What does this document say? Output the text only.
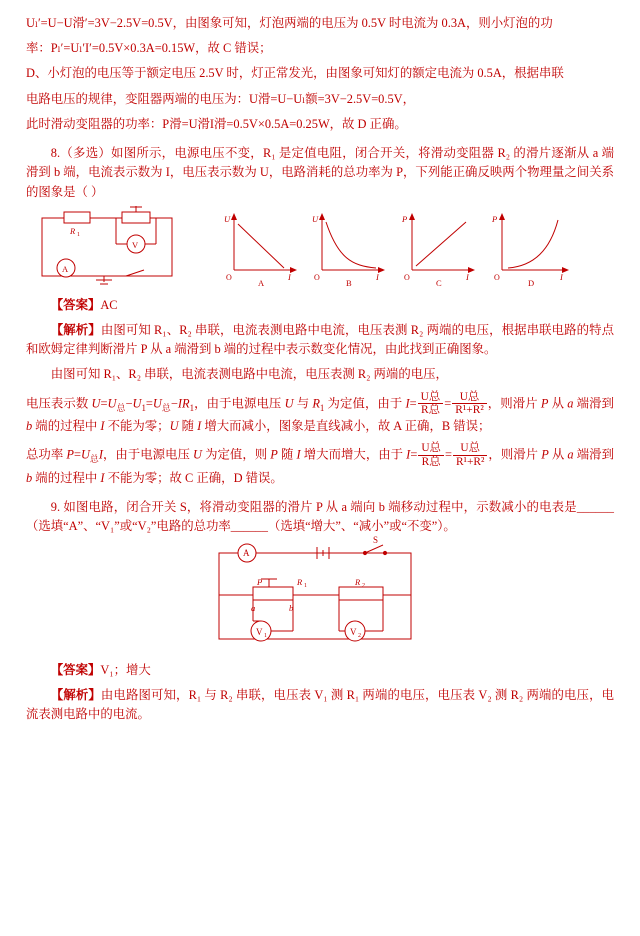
Uₗ′=U−U滑′=3V−2.5V=0.5V，由图象可知，灯泡两端的电压为 0.5V 时电流为 0.3A，则小灯泡的功

率：Pₗ′=Uₗ′I′=0.5V×0.3A=0.15W，故 C 错误；

D、小灯泡的电压等于额定电压 2.5V 时，灯正常发光，由图象可知灯的额定电流为 0.5A，根据串联

电路电压的规律，变阻器两端的电压为：U滑=U−Uₗ额=3V−2.5V=0.5V，

此时滑动变阻器的功率：P滑=U滑I滑=0.5V×0.5A=0.25W，故 D 正确。

8.（多选）如图所示，电源电压不变，R₁ 是定值电阻，闭合开关，将滑动变阻器 R₂ 的滑片逐渐从 a 端滑到 b 端，电流表示数为 I，电压表示数为 U，电路消耗的总功率为 P，下列能正确反映两个物理量之间关系的图象是（ ）

R 1
V
A
U
I
O
A
U
I
O
B
P
I
O
C
P
I
O
D

【答案】AC

【解析】由图可知 R₁、R₂ 串联，电流表测电路中电流，电压表测 R₂ 两端的电压，根据串联电路的特点和欧姆定律判断滑片 P 从 a 端滑到 b 端的过程中表示数变化情况，由此找到正确图象。

由图可知 R₁、R₂ 串联，电流表测电路中电流，电压表测 R₂ 两端的电压，

电压表示数 $U=U_总-U_1=U_总-IR_1$，由于电源电压 U 与 $R_1$ 为定值，由于 $I= \frac{\text{U总}}{\text{R总}} = \frac{\text{U总}}{\text{R¹+R²}}$ ，则滑片 P 从 a 端滑到 b 端的过程中 I 不能为零；U 随 I 增大而减小，图象是直线减小，故 A 正确，B 错误；

总功率 $P=U_总I$，由于电源电压 U 为定值，则 P 随 I 增大而增大，由于 $I= \frac{\text{U总}}{\text{R总}} = \frac{\text{U总}}{\text{R¹+R²}}$ ，则滑片 P 从 a 端滑到 b 端的过程中 I 不能为零；故 C 正确，D 错误。

9. 如图电路，闭合开关 S，将滑动变阻器的滑片 P 从 a 端向 b 端移动过程中，示数减小的电表是______（选填“A”、“V₁”或“V₂”电路的总功率______（选填“增大”、“减小”或“不变”）。

A
S
P	R 1	R 2
a	b
V 1	V 2

【答案】V₁；增大

【解析】由电路图可知，R₁ 与 R₂ 串联，电压表 V₁ 测 R₁ 两端的电压，电压表 V₂ 测 R₂ 两端的电压，电流表测电路中的电流。
